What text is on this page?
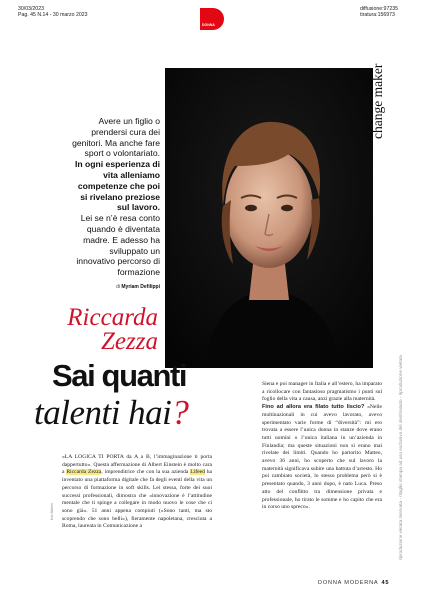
30/03/2023
Pag. 45 N.14 - 30 marzo 2023
DONNA
diffusione:97235
tiratura:156973
riproduzione vietata riservata - ritaglio stampa ad uso esclusivo del destinatario - riproduzione vietata
change maker

Avere un figlio o prendersi cura dei genitori. Ma anche fare sport o volontariato.

In ogni esperienza di vita alleniamo competenze che poi si rivelano preziose sul lavoro.

Lei se n’è resa conto quando è diventata madre. E adesso ha sviluppato un innovativo percorso di formazione

di Myriam Defilippi
Riccarda
Zezza
Sai quanti
talenti hai?
foto Matteo

«LA LOGICA TI PORTA da A a B, l’immaginazione ti porta dappertutto». Questa affermazione di Albert Einstein è molto cara a Riccarda Zezza, imprenditrice che con la sua azienda Lifeed ha inventato una piattaforma digitale che fa degli eventi della vita un percorso di formazione in soft skills. Lei stessa, forte dei suoi successi professionali, dimostra che «innovazione è l’attitudine mentale che ti spinge a collegare in modo nuovo le cose che ci sono già». 51 anni appena compiuti («Sono tanti, ma sto scoprendo che sono belli»), fieramente napoletana, cresciuta a Roma, laureata in Comunicazione a

Siena e poi manager in Italia e all’estero, ha imparato a ricollocare con fantasioso pragmatismo i punti sul foglio della vita a causa, anzi grazie alla maternità.

Fino ad allora era filato tutto liscio? «Nelle multinazionali in cui avevo lavorato, avevo sperimentato varie forme di “diversità”: mi ero trovata a essere l’unica donna in stanze dove erano tutti uomini o l’unica italiana in un’azienda in Finlandia; ma queste situazioni non si erano mai rivelate dei limiti. Quando ho partorito Matteo, avevo 36 anni, ho scoperto che sul lavoro la maternità significava subire una battuta d’arresto. Ho poi cambiato società, lo stesso problema però si è presentato quando, 3 anni dopo, è nato Luca. Preso atto del conflitto tra dimensione privata e professionale, ho tirato le somme e ho capito che era in corso uno spreco».

DONNA MODERNA 45
